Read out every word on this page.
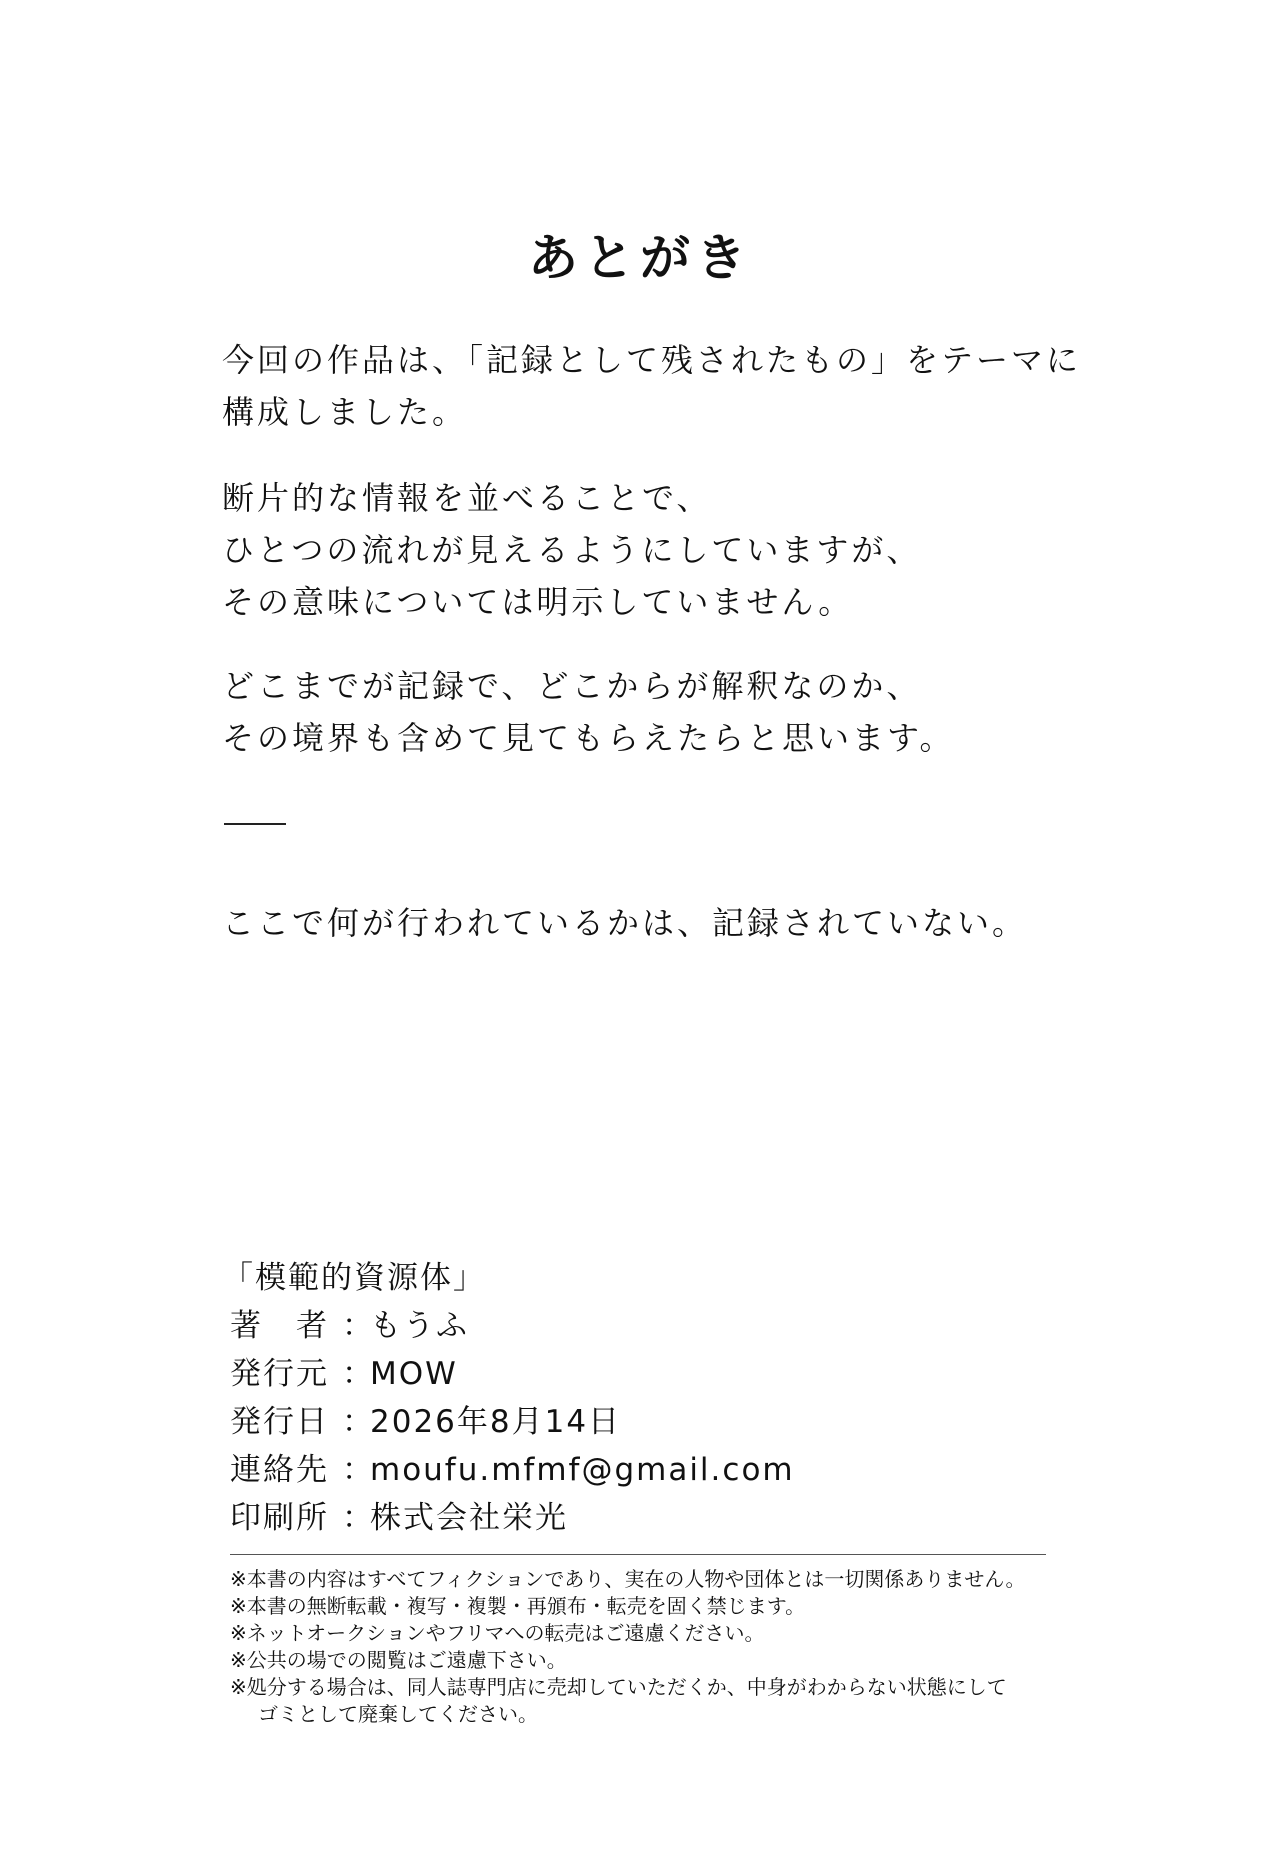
あとがき
今回の作品は、「記録として残されたもの」をテーマに
構成しました。
断片的な情報を並べることで、
ひとつの流れが見えるようにしていますが、
その意味については明示していません。
どこまでが記録で、どこからが解釈なのか、
その境界も含めて見てもらえたらと思います。
ここで何が行われているかは、記録されていない。
「模範的資源体」
著　者 ：もうふ
発行元 ：MOW
発行日 ：2026年8月14日
連絡先 ：moufu.mfmf@gmail.com
印刷所 ：株式会社栄光
※本書の内容はすべてフィクションであり、実在の人物や団体とは一切関係ありません。
※本書の無断転載・複写・複製・再頒布・転売を固く禁じます。
※ネットオークションやフリマへの転売はご遠慮ください。
※公共の場での閲覧はご遠慮下さい。
※処分する場合は、同人誌専門店に売却していただくか、中身がわからない状態にして
ゴミとして廃棄してください。
